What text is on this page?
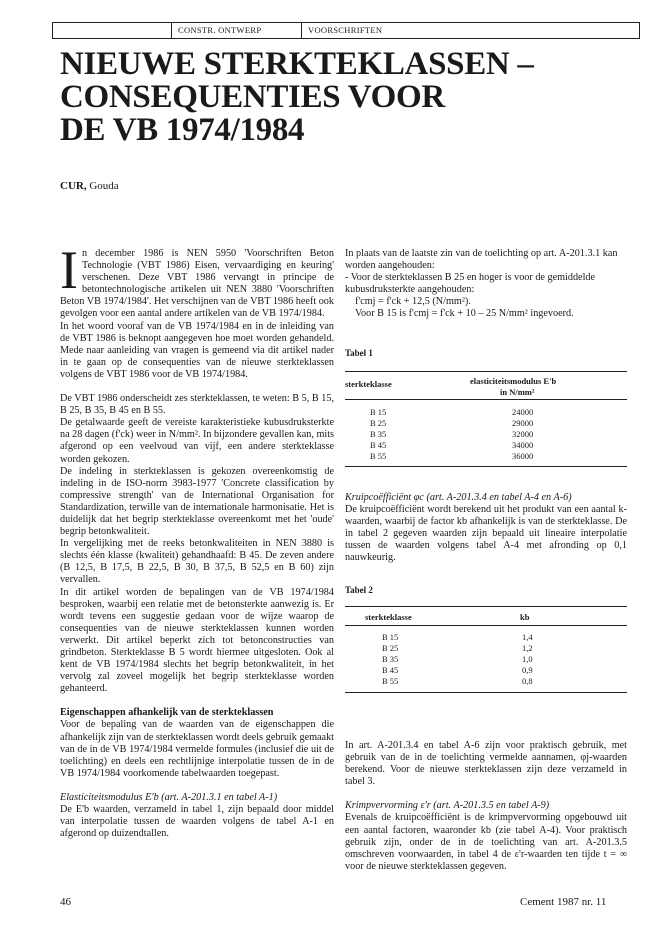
CONSTR. ONTWERP	VOORSCHRIFTEN
NIEUWE STERKTEKLASSEN –
CONSEQUENTIES VOOR
DE VB 1974/1984
CUR, Gouda

In december 1986 is NEN 5950 'Voorschriften Beton Technologie (VBT 1986) Eisen, vervaardiging en keuring' verschenen. Deze VBT 1986 vervangt in principe de betontechnologische artikelen uit NEN 3880 'Voorschriften Beton VB 1974/1984'. Het verschijnen van de VBT 1986 heeft ook gevolgen voor een aantal andere artikelen van de VB 1974/1984.
In het woord vooraf van de VB 1974/1984 en in de inleiding van de VBT 1986 is beknopt aangegeven hoe moet worden gehandeld. Mede naar aanleiding van vragen is gemeend via dit artikel nader in te gaan op de consequenties van de nieuwe sterkteklassen volgens de VBT 1986 voor de VB 1974/1984.

De VBT 1986 onderscheidt zes sterkteklassen, te weten: B 5, B 15, B 25, B 35, B 45 en B 55.
De getalwaarde geeft de vereiste karakteristieke kubusdruksterkte na 28 dagen (f'ck) weer in N/mm². In bijzondere gevallen kan, mits afgerond op een veelvoud van vijf, een andere sterkteklasse worden gekozen.
De indeling in sterkteklassen is gekozen overeenkomstig de indeling in de ISO-norm 3983-1977 'Concrete classification by compressive strength' van de International Organisation for Standardization, terwille van de internationale harmonisatie. Het is duidelijk dat het begrip sterkteklasse overeenkomt met het 'oude' begrip betonkwaliteit.
In vergelijking met de reeks betonkwaliteiten in NEN 3880 is slechts één klasse (kwaliteit) gehandhaafd: B 45. De zeven andere (B 12,5, B 17,5, B 22,5, B 30, B 37,5, B 52,5 en B 60) zijn vervallen.
In dit artikel worden de bepalingen van de VB 1974/1984 besproken, waarbij een relatie met de betonsterkte aanwezig is. Er wordt tevens een suggestie gedaan voor de wijze waarop de consequenties van de nieuwe sterkteklassen kunnen worden verwerkt. Dit artikel beperkt zich tot betonconstructies van grindbeton. Sterkteklasse B 5 wordt hiermee uitgesloten. Ook al kent de VB 1974/1984 slechts het begrip betonkwaliteit, in het vervolg zal zoveel mogelijk het begrip sterkteklasse worden gehanteerd.

Eigenschappen afhankelijk van de sterkteklassen
Voor de bepaling van de waarden van de eigenschappen die afhankelijk zijn van de sterkteklassen wordt deels gebruik gemaakt van de in de VB 1974/1984 vermelde formules (inclusief die uit de toelichting) en deels een rechtlijnige interpolatie tussen de in de VB 1974/1984 voorkomende tabelwaarden toegepast.

Elasticiteitsmodulus E'b (art. A-201.3.1 en tabel A-1)
De E'b waarden, verzameld in tabel 1, zijn bepaald door middel van interpolatie tussen de waarden volgens de tabel A-1 en afgerond op duizendtallen.

In plaats van de laatste zin van de toelichting op art. A-201.3.1 kan worden aangehouden:
- Voor de sterkteklassen B 25 en hoger is voor de gemiddelde kubusdruksterkte aangehouden:
f'cmj = f'ck + 12,5 (N/mm²).
Voor B 15 is f'cmj = f'ck + 10 – 25 N/mm² ingevoerd.
Tabel 1
sterkteklasse	elasticiteitsmodulus E'b
in N/mm²
B 15	24000
B 25	29000
B 35	32000
B 45	34000
B 55	36000
Kruipcoëfficiënt φc (art. A-201.3.4 en tabel A-4 en A-6)
De kruipcoëfficiënt wordt berekend uit het produkt van een aantal k-waarden, waarbij de factor kb afhankelijk is van de sterkteklasse. De in tabel 2 gegeven waarden zijn bepaald uit lineaire interpolatie tussen de waarden volgens tabel A-4 met afronding op 0,1 nauwkeurig.
Tabel 2
sterkteklasse	kb
B 15	1,4
B 25	1,2
B 35	1,0
B 45	0,9
B 55	0,8

In art. A-201.3.4 en tabel A-6 zijn voor praktisch gebruik, met gebruik van de in de toelichting vermelde aannamen, φj-waarden berekend. Voor de nieuwe sterkteklassen zijn deze verzameld in tabel 3.

Krimpvervorming ε'r (art. A-201.3.5 en tabel A-9)
Evenals de kruipcoëfficiënt is de krimpvervorming opgebouwd uit een aantal factoren, waaronder kb (zie tabel A-4). Voor praktisch gebruik zijn, onder de in de toelichting van art. A-201.3.5 omschreven voorwaarden, in tabel 4 de ε'r-waarden ten tijde t = ∞ voor de nieuwe sterkteklassen gegeven.

46	Cement 1987 nr. 11
